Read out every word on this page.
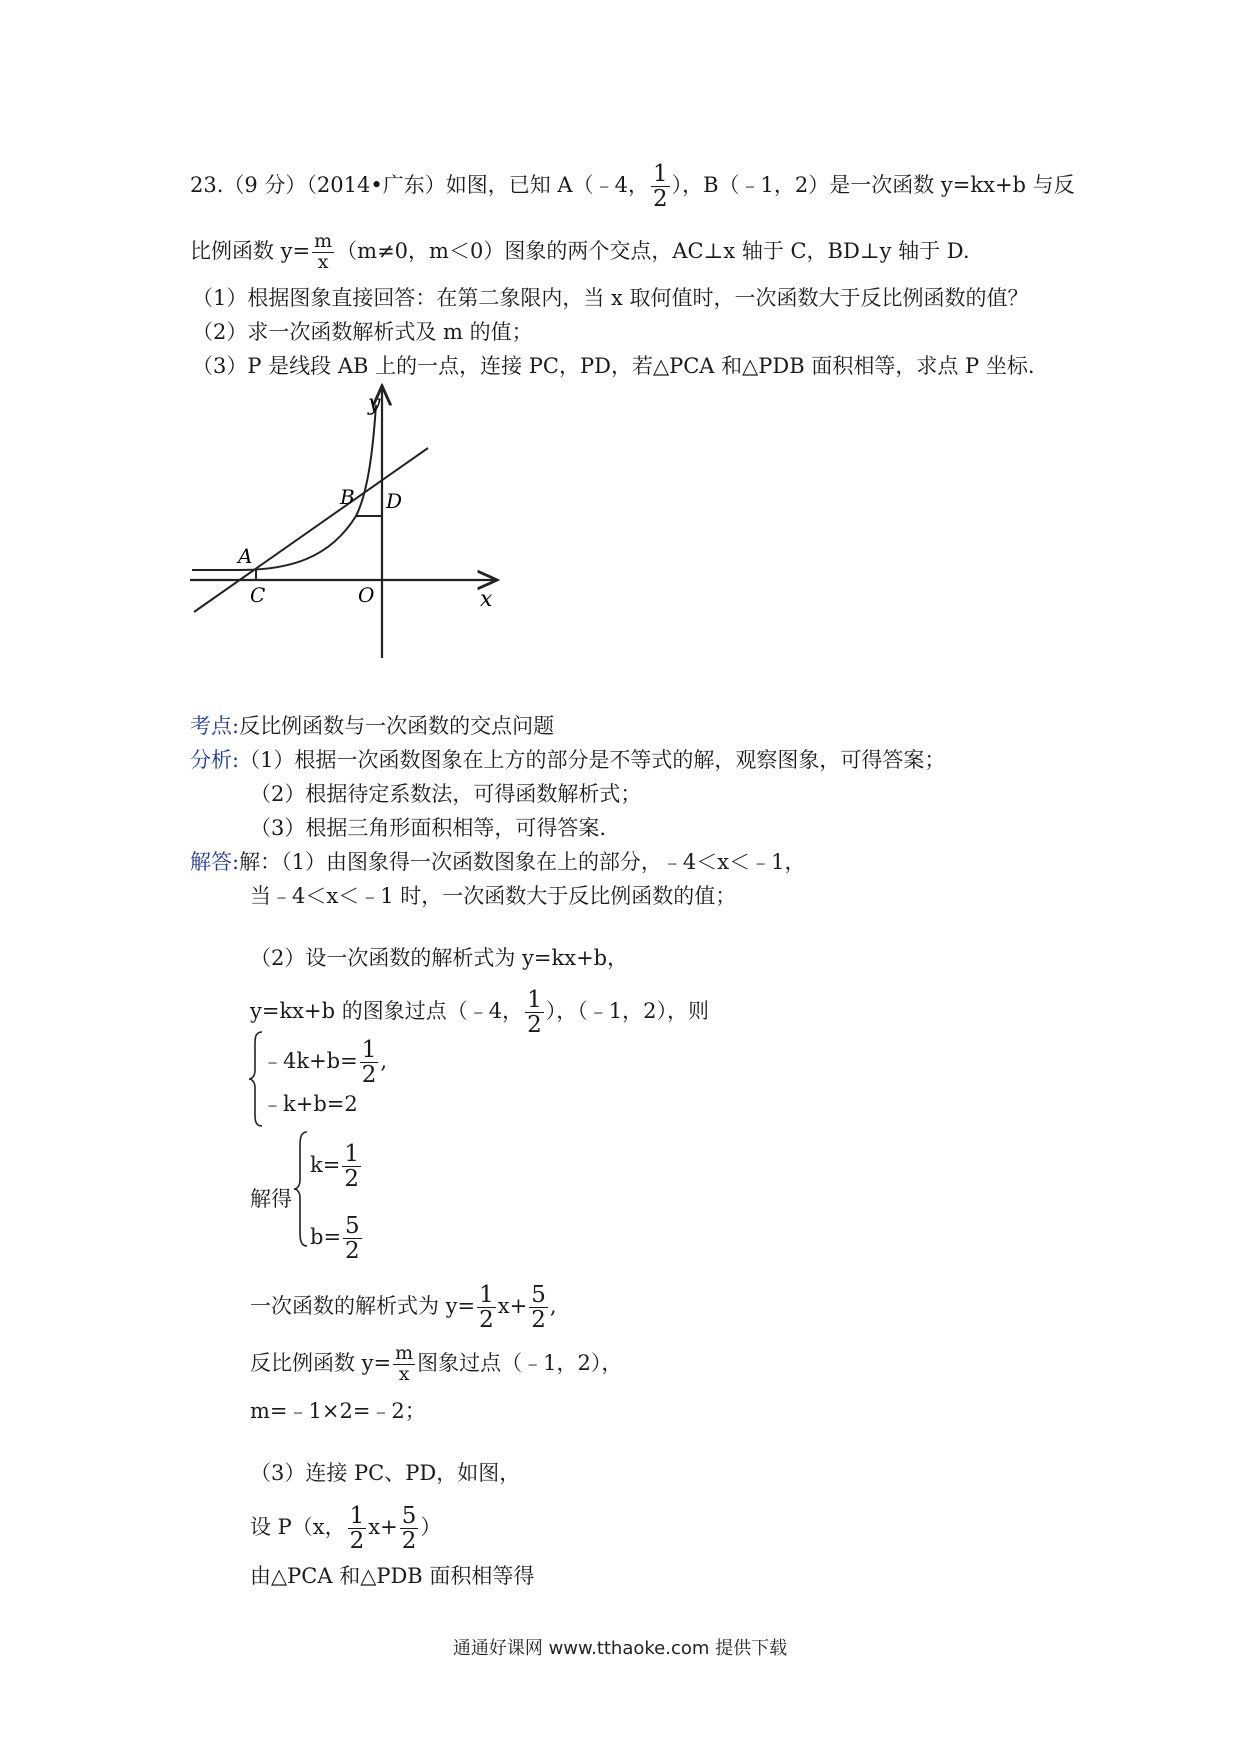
23.（9 分）（2014•广东）如图，已知 A（﹣4， $\frac{1}{2}$ ），B（﹣1，2）是一次函数 y=kx+b 与反
比例函数 $y= \frac{m}{x} (m\ne 0$，m＜0）图象的两个交点，AC⊥x 轴于 C，BD⊥y 轴于 D.
（1）根据图象直接回答：在第二象限内，当 x 取何值时，一次函数大于反比例函数的值？
（2）求一次函数解析式及 m 的值；
（3）P 是线段 AB 上的一点，连接 PC，PD，若△PCA 和△PDB 面积相等，求点 P 坐标.
y
x
B D
A
C	O
考点:反比例函数与一次函数的交点问题
分析:（1）根据一次函数图象在上方的部分是不等式的解，观察图象，可得答案；
（2）根据待定系数法，可得函数解析式；
（3）根据三角形面积相等，可得答案.
解答:解：（1）由图象得一次函数图象在上的部分，﹣4＜x＜﹣1，
当﹣4＜x＜﹣1 时，一次函数大于反比例函数的值；
（2）设一次函数的解析式为 y=kx+b，
y=kx+b 的图象过点（﹣4， $\frac{1}{2}$ ），（﹣1，2），则
﹣4k+b= $\frac{1}{2}$ ,
﹣k+b=2
解得
$k= \frac{1}{2}$
$b= \frac{5}{2}$
一次函数的解析式为 $y= \frac{1}{2} x+ \frac{5}{2}$ ,
反比例函数 $y= \frac{m}{x}$ 图象过点（﹣1，2），
m=﹣1×2=﹣2；
（3）连接 PC、PD，如图，
设 P（x， $\frac{1}{2} x+ \frac{5}{2}$ ）
由△PCA 和△PDB 面积相等得
通通好课网 www.tthaoke.com 提供下载
